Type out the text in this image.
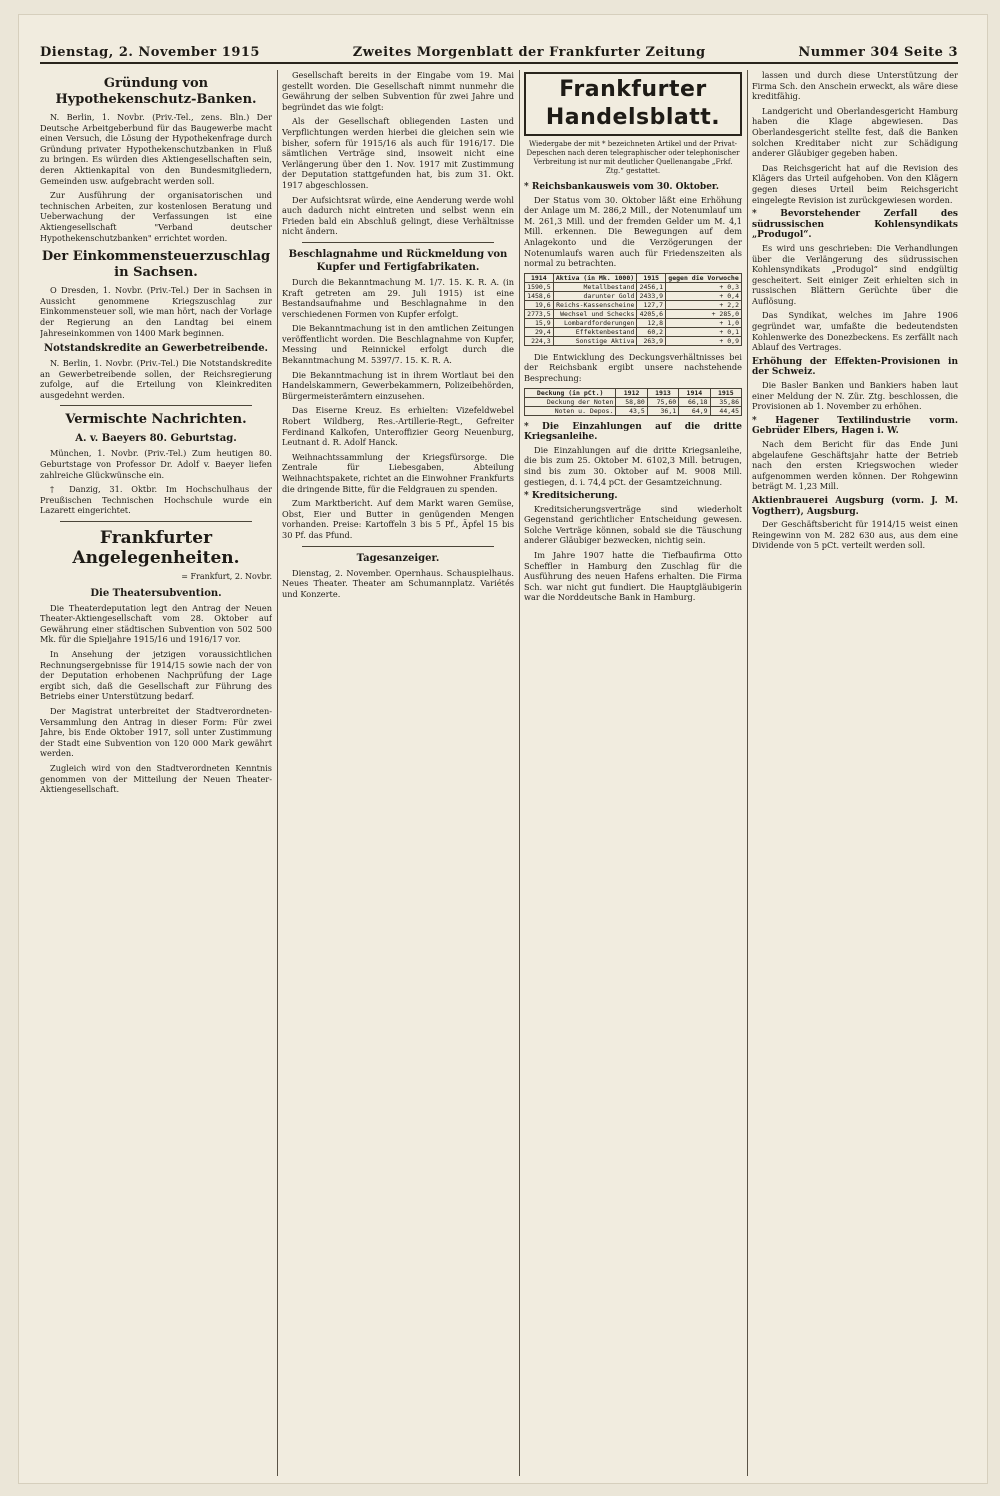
Dienstag, 2. November 1915	Zweites Morgenblatt der Frankfurter Zeitung	Nummer 304 Seite 3
Gründung von Hypothekenschutz-Banken.

N. Berlin, 1. Novbr. (Priv.-Tel., zens. Bln.) Der Deutsche Arbeitgeberbund für das Baugewerbe macht einen Versuch, die Lösung der Hypothekenfrage durch Gründung privater Hypothekenschutzbanken in Fluß zu bringen. Es würden dies Aktiengesellschaften sein, deren Aktienkapital von den Bundesmitgliedern, Gemeinden usw. aufgebracht werden soll.

Zur Ausführung der organisatorischen und technischen Arbeiten, zur kostenlosen Beratung und Ueberwachung der Verfassungen ist eine Aktiengesellschaft "Verband deutscher Hypothekenschutzbanken" errichtet worden.

Der Einkommensteuerzuschlag in Sachsen.

O Dresden, 1. Novbr. (Priv.-Tel.) Der in Sachsen in Aussicht genommene Kriegszuschlag zur Einkommensteuer soll, wie man hört, nach der Vorlage der Regierung an den Landtag bei einem Jahreseinkommen von 1400 Mark beginnen.

Notstandskredite an Gewerbetreibende.

N. Berlin, 1. Novbr. (Priv.-Tel.) Die Notstandskredite an Gewerbetreibende sollen, der Reichsregierung zufolge, auf die Erteilung von Kleinkrediten ausgedehnt werden.

Vermischte Nachrichten.
A. v. Baeyers 80. Geburtstag.

München, 1. Novbr. (Priv.-Tel.) Zum heutigen 80. Geburtstage von Professor Dr. Adolf v. Baeyer liefen zahlreiche Glückwünsche ein.

† Danzig, 31. Oktbr. Im Hochschulhaus der Preußischen Technischen Hochschule wurde ein Lazarett eingerichtet.

Frankfurter Angelegenheiten.
= Frankfurt, 2. Novbr.
Die Theatersubvention.

Die Theaterdeputation legt den Antrag der Neuen Theater-Aktiengesellschaft vom 28. Oktober auf Gewährung einer städtischen Subvention von 502 500 Mk. für die Spieljahre 1915/16 und 1916/17 vor.

In Ansehung der jetzigen voraussichtlichen Rechnungsergebnisse für 1914/15 sowie nach der von der Deputation erhobenen Nachprüfung der Lage ergibt sich, daß die Gesellschaft zur Führung des Betriebs einer Unterstützung bedarf.

Der Magistrat unterbreitet der Stadtverordneten-Versammlung den Antrag in dieser Form: Für zwei Jahre, bis Ende Oktober 1917, soll unter Zustimmung der Stadt eine Subvention von 120 000 Mark gewährt werden.

Zugleich wird von den Stadtverordneten Kenntnis genommen von der Mitteilung der Neuen Theater-Aktiengesellschaft.

Gesellschaft bereits in der Eingabe vom 19. Mai gestellt worden. Die Gesellschaft nimmt nunmehr die Gewährung der selben Subvention für zwei Jahre und begründet das wie folgt:

Als der Gesellschaft obliegenden Lasten und Verpflichtungen werden hierbei die gleichen sein wie bisher, sofern für 1915/16 als auch für 1916/17. Die sämtlichen Verträge sind, insoweit nicht eine Verlängerung über den 1. Nov. 1917 mit Zustimmung der Deputation stattgefunden hat, bis zum 31. Okt. 1917 abgeschlossen.

Der Aufsichtsrat würde, eine Aenderung werde wohl auch dadurch nicht eintreten und selbst wenn ein Frieden bald ein Abschluß gelingt, diese Verhältnisse nicht ändern.

Beschlagnahme und Rückmeldung von Kupfer und Fertigfabrikaten.

Durch die Bekanntmachung M. 1/7. 15. K. R. A. (in Kraft getreten am 29. Juli 1915) ist eine Bestandsaufnahme und Beschlagnahme in den verschiedenen Formen von Kupfer erfolgt.

Die Bekanntmachung ist in den amtlichen Zeitungen veröffentlicht worden. Die Beschlagnahme von Kupfer, Messing und Reinnickel erfolgt durch die Bekanntmachung M. 5397/7. 15. K. R. A.

Die Bekanntmachung ist in ihrem Wortlaut bei den Handelskammern, Gewerbekammern, Polizeibehörden, Bürgermeisterämtern einzusehen.

Das Eiserne Kreuz. Es erhielten: Vizefeldwebel Robert Wildberg, Res.-Artillerie-Regt., Gefreiter Ferdinand Kalkofen, Unteroffizier Georg Neuenburg, Leutnant d. R. Adolf Hanck.

Weihnachtssammlung der Kriegsfürsorge. Die Zentrale für Liebesgaben, Abteilung Weihnachtspakete, richtet an die Einwohner Frankfurts die dringende Bitte, für die Feldgrauen zu spenden.

Zum Marktbericht. Auf dem Markt waren Gemüse, Obst, Eier und Butter in genügenden Mengen vorhanden. Preise: Kartoffeln 3 bis 5 Pf., Äpfel 15 bis 30 Pf. das Pfund.

Tagesanzeiger.

Dienstag, 2. November. Opernhaus. Schauspielhaus. Neues Theater. Theater am Schumannplatz. Variétés und Konzerte.

Frankfurter Handelsblatt.
Wiedergabe der mit * bezeichneten Artikel und der Privat-Depeschen nach deren telegraphischer oder telephonischer Verbreitung ist nur mit deutlicher Quellenangabe „Frkf. Ztg.“ gestattet.
* Reichsbankausweis vom 30. Oktober.

Der Status vom 30. Oktober läßt eine Erhöhung der Anlage um M. 286,2 Mill., der Notenumlauf um M. 261,3 Mill. und der fremden Gelder um M. 4,1 Mill. erkennen. Die Bewegungen auf dem Anlagekonto und die Verzögerungen der Notenumlaufs waren auch für Friedenszeiten als normal zu betrachten.

1914	Aktiva (in Mk. 1000)	1915	gegen die Vorwoche
1590,5	Metallbestand	2456,1	+ 0,3
1458,6	darunter Gold	2433,9	+ 0,4
19,6	Reichs-Kassenscheine	127,7	+ 2,2
2773,5	Wechsel und Schecks	4205,6	+ 285,0
15,9	Lombardforderungen	12,8	+ 1,0
29,4	Effektenbestand	60,2	+ 0,1
224,3	Sonstige Aktiva	263,9	+ 0,9

Die Entwicklung des Deckungsverhältnisses bei der Reichsbank ergibt unsere nachstehende Besprechung:

Deckung (in pCt.)	1912	1913	1914	1915
Deckung der Noten	58,80	75,60	66,18	35,86
Noten u. Depos.	43,5	36,1	64,9	44,45
* Die Einzahlungen auf die dritte Kriegsanleihe.

Die Einzahlungen auf die dritte Kriegsanleihe, die bis zum 25. Oktober M. 6102,3 Mill. betrugen, sind bis zum 30. Oktober auf M. 9008 Mill. gestiegen, d. i. 74,4 pCt. der Gesamtzeichnung.

* Kreditsicherung.

Kreditsicherungsverträge sind wiederholt Gegenstand gerichtlicher Entscheidung gewesen. Solche Verträge können, sobald sie die Täuschung anderer Gläubiger bezwecken, nichtig sein.

Im Jahre 1907 hatte die Tiefbaufirma Otto Scheffler in Hamburg den Zuschlag für die Ausführung des neuen Hafens erhalten. Die Firma Sch. war nicht gut fundiert. Die Hauptgläubigerin war die Norddeutsche Bank in Hamburg.

lassen und durch diese Unterstützung der Firma Sch. den Anschein erweckt, als wäre diese kreditfähig.

Landgericht und Oberlandesgericht Hamburg haben die Klage abgewiesen. Das Oberlandesgericht stellte fest, daß die Banken solchen Kreditaber nicht zur Schädigung anderer Gläubiger gegeben haben.

Das Reichsgericht hat auf die Revision des Klägers das Urteil aufgehoben. Von den Klägern gegen dieses Urteil beim Reichsgericht eingelegte Revision ist zurückgewiesen worden.

* Bevorstehender Zerfall des südrussischen Kohlensyndikats „Produgol“.

Es wird uns geschrieben: Die Verhandlungen über die Verlängerung des südrussischen Kohlensyndikats „Produgol“ sind endgültig gescheitert. Seit einiger Zeit erhielten sich in russischen Blättern Gerüchte über die Auflösung.

Das Syndikat, welches im Jahre 1906 gegründet war, umfaßte die bedeutendsten Kohlenwerke des Donezbeckens. Es zerfällt nach Ablauf des Vertrages.

Erhöhung der Effekten-Provisionen in der Schweiz.

Die Basler Banken und Bankiers haben laut einer Meldung der N. Zür. Ztg. beschlossen, die Provisionen ab 1. November zu erhöhen.

* Hagener Textilindustrie vorm. Gebrüder Elbers, Hagen i. W.

Nach dem Bericht für das Ende Juni abgelaufene Geschäftsjahr hatte der Betrieb nach den ersten Kriegswochen wieder aufgenommen werden können. Der Rohgewinn beträgt M. 1,23 Mill.

Aktienbrauerei Augsburg (vorm. J. M. Vogtherr), Augsburg.

Der Geschäftsbericht für 1914/15 weist einen Reingewinn von M. 282 630 aus, aus dem eine Dividende von 5 pCt. verteilt werden soll.
